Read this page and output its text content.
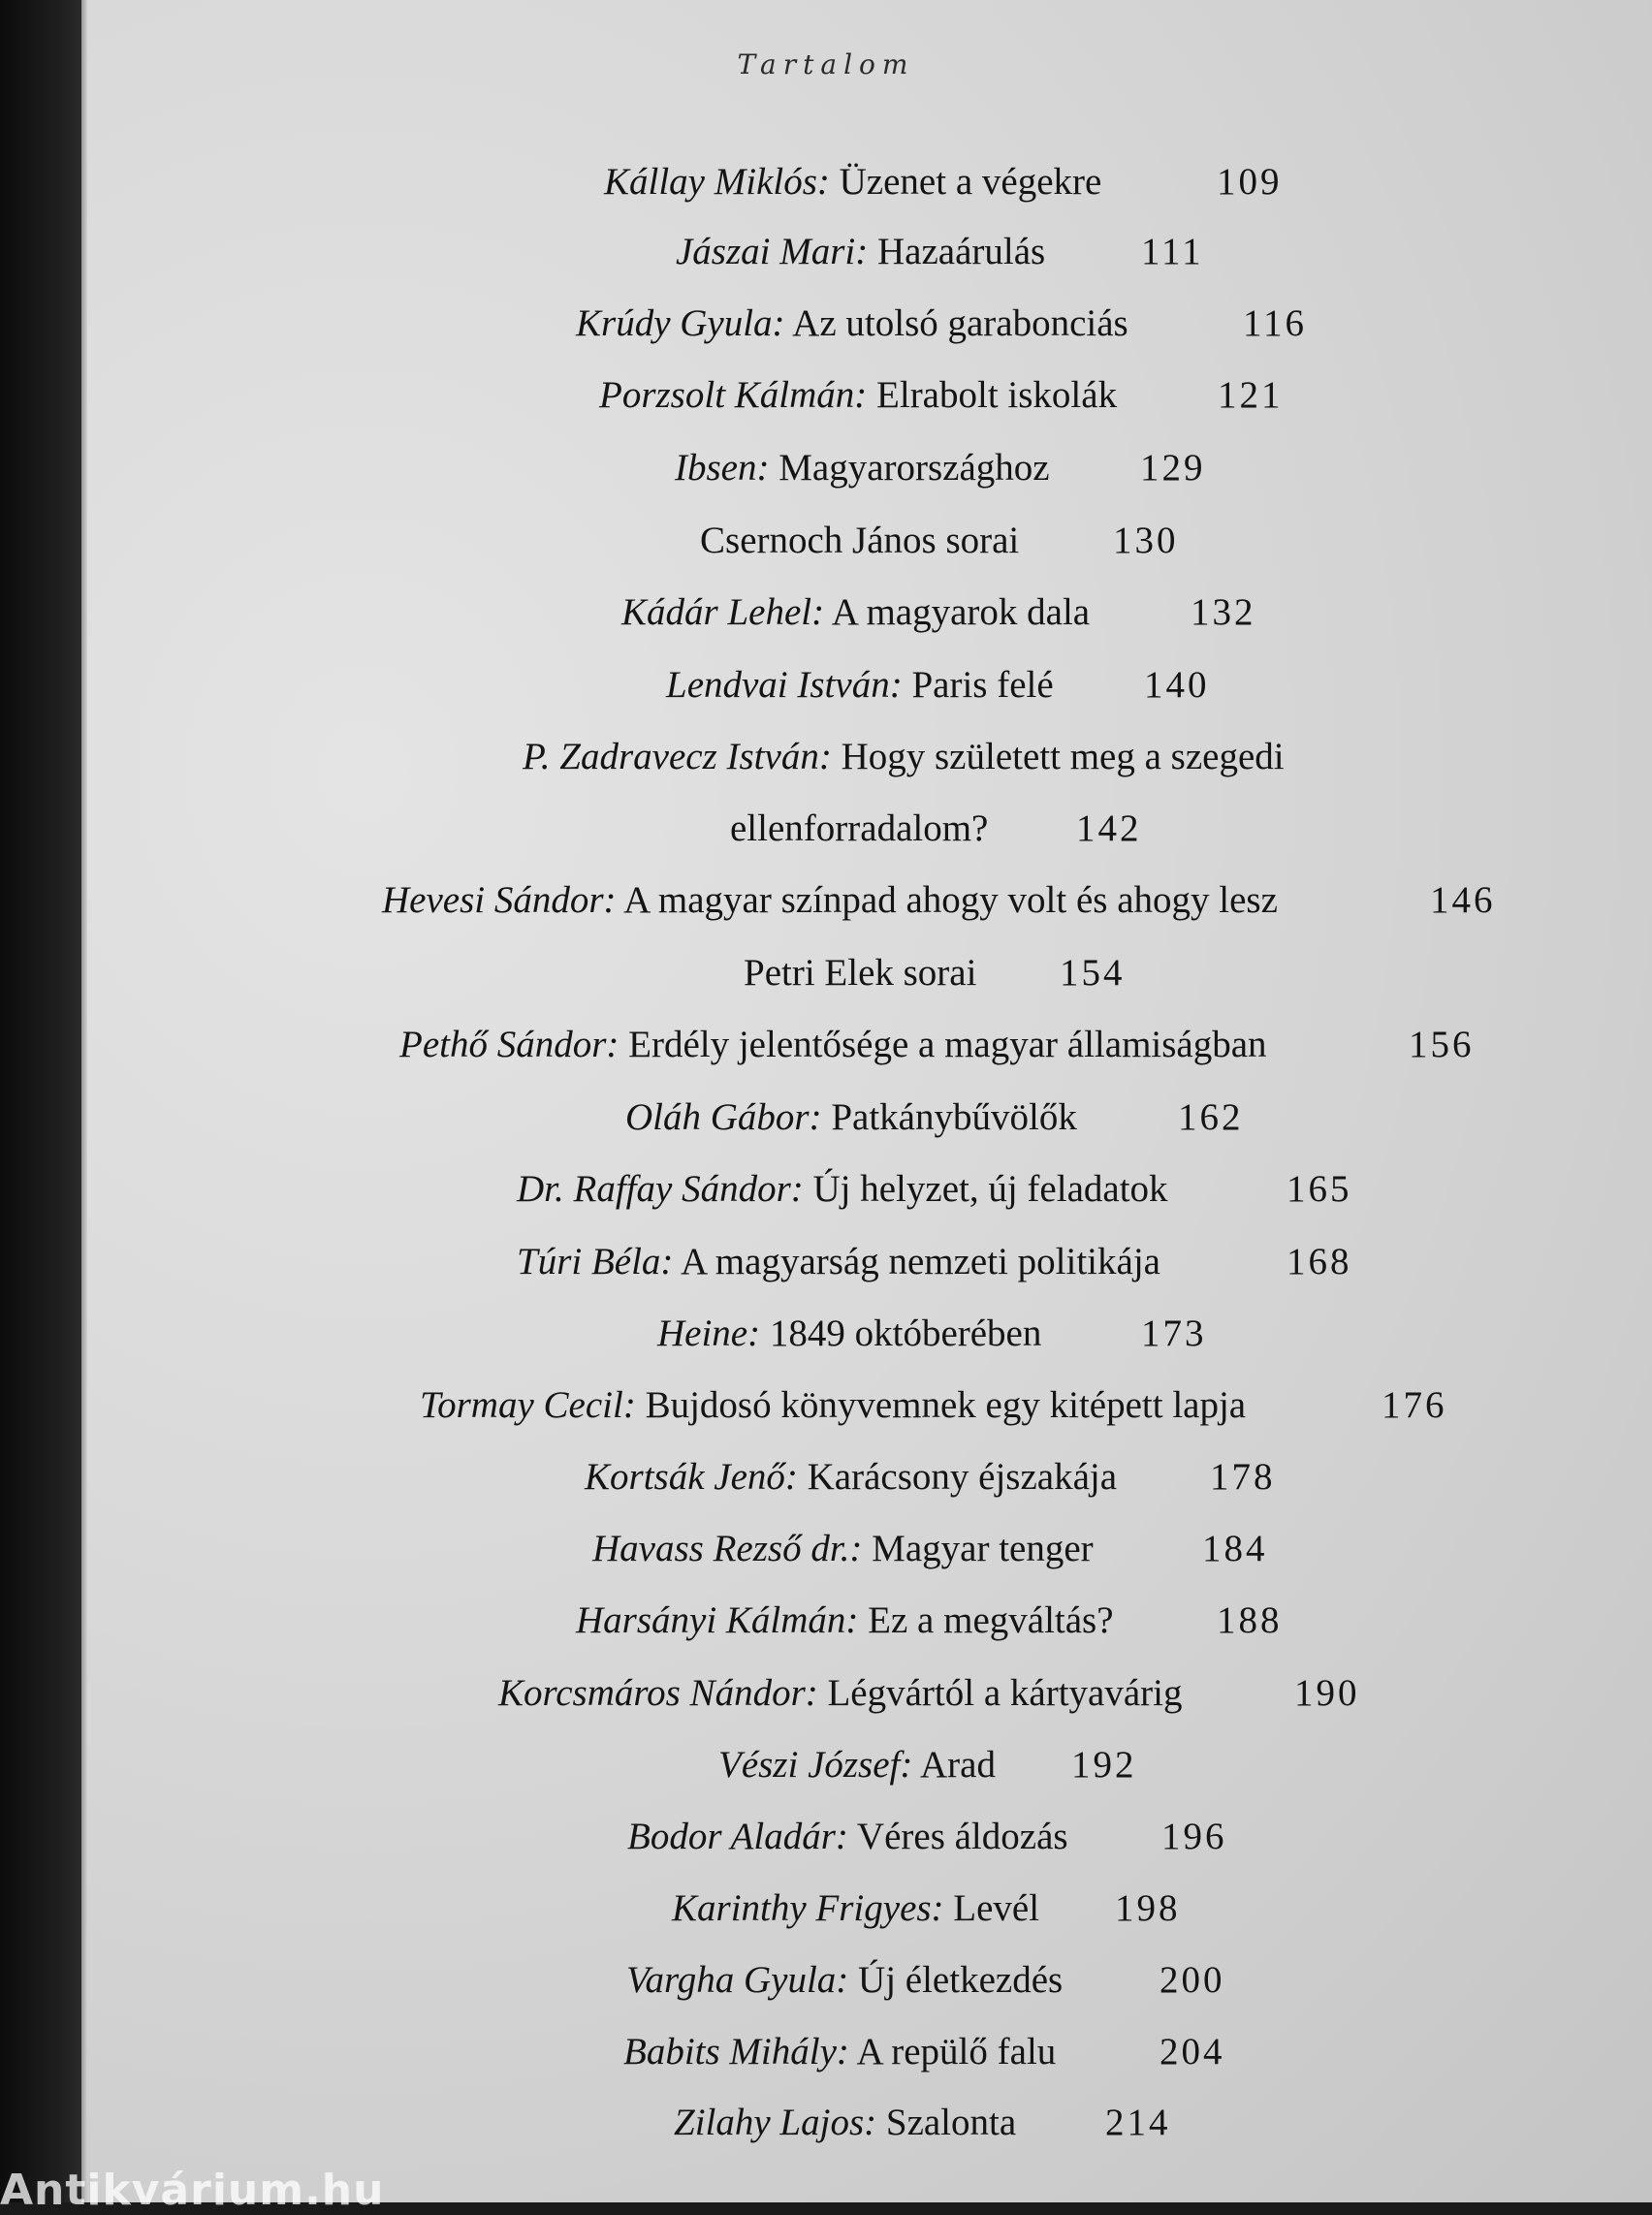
Tartalom
Kállay Miklós: Üzenet a végekre	109
Jászai Mari: Hazaárulás	111
Krúdy Gyula: Az utolsó garabonciás	116
Porzsolt Kálmán: Elrabolt iskolák	121
Ibsen: Magyarországhoz 129
Csernoch János sorai 130
Kádár Lehel: A magyarok dala	132
Lendvai István: Paris felé 140
P. Zadravecz István: Hogy született meg a szegedi
ellenforradalom? 142
Hevesi Sándor: A magyar színpad ahogy volt és ahogy lesz	146
Petri Elek sorai 154
Pethő Sándor: Erdély jelentősége a magyar államiságban	156
Oláh Gábor: Patkánybűvölők	162
Dr. Raffay Sándor: Új helyzet, új feladatok	165
Túri Béla: A magyarság nemzeti politikája	168
Heine: 1849 októberében	173
Tormay Cecil: Bujdosó könyvemnek egy kitépett lapja	176
Kortsák Jenő: Karácsony éjszakája 178
Havass Rezső dr.: Magyar tenger	184
Harsányi Kálmán: Ez a megváltás?	188
Korcsmáros Nándor: Légvártól a kártyavárig	190
Vészi József: Arad 192
Bodor Aladár: Véres áldozás 196
Karinthy Frigyes: Levél 198
Vargha Gyula: Új életkezdés	200
Babits Mihály: A repülő falu	204
Zilahy Lajos: Szalonta 214
Antikvárium.hu
